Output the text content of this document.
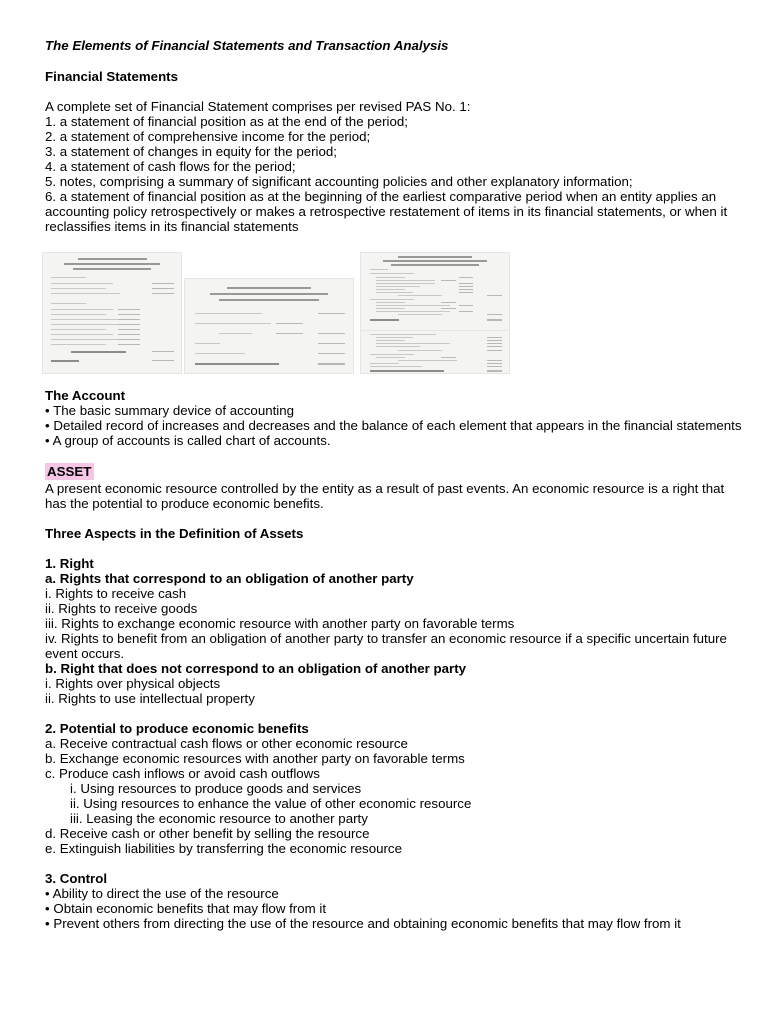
The Elements of Financial Statements and Transaction Analysis

Financial Statements

A complete set of Financial Statement comprises per revised PAS No. 1:

1. a statement of financial position as at the end of the period;

2. a statement of comprehensive income for the period;

3. a statement of changes in equity for the period;

4. a statement of cash flows for the period;

5. notes, comprising a summary of significant accounting policies and other explanatory information;

6. a statement of financial position as at the beginning of the earliest comparative period when an entity applies an accounting policy retrospectively or makes a retrospective restatement of items in its financial statements, or when it reclassifies items in its financial statements

The Account

• The basic summary device of accounting

• Detailed record of increases and decreases and the balance of each element that appears in the financial statements

• A group of accounts is called chart of accounts.

ASSET

A present economic resource controlled by the entity as a result of past events. An economic resource is a right that has the potential to produce economic benefits.

Three Aspects in the Definition of Assets

1. Right

a. Rights that correspond to an obligation of another party

i. Rights to receive cash

ii. Rights to receive goods

iii. Rights to exchange economic resource with another party on favorable terms

iv. Rights to benefit from an obligation of another party to transfer an economic resource if a specific uncertain future event occurs.

b. Right that does not correspond to an obligation of another party

i. Rights over physical objects

ii. Rights to use intellectual property

2. Potential to produce economic benefits

a. Receive contractual cash flows or other economic resource

b. Exchange economic resources with another party on favorable terms

c. Produce cash inflows or avoid cash outflows

i. Using resources to produce goods and services

ii. Using resources to enhance the value of other economic resource

iii. Leasing the economic resource to another party

d. Receive cash or other benefit by selling the resource

e. Extinguish liabilities by transferring the economic resource

3. Control

• Ability to direct the use of the resource

• Obtain economic benefits that may flow from it

• Prevent others from directing the use of the resource and obtaining economic benefits that may flow from it
